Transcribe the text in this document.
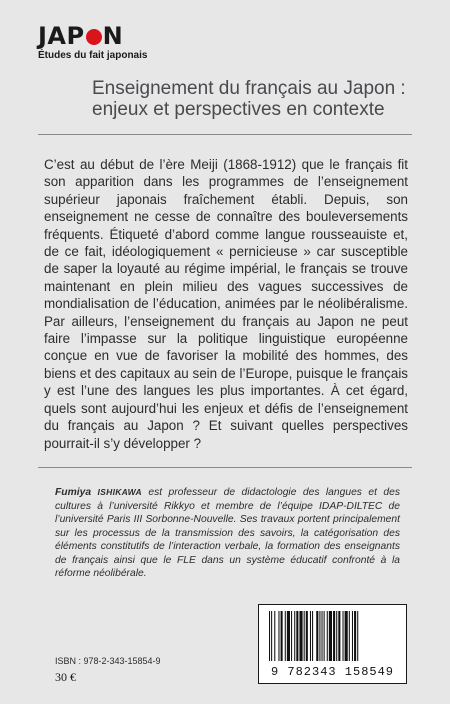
JAP N
Études du fait japonais
Enseignement du français au Japon :
enjeux et perspectives en contexte

C’est au début de l’ère Meiji (1868-1912) que le français fit son apparition dans les programmes de l’enseignement supérieur japonais fraîchement établi. Depuis, son enseignement ne cesse de connaître des bouleversements fréquents. Étiqueté d’abord comme langue rousseauiste et, de ce fait, idéologiquement « pernicieuse » car susceptible de saper la loyauté au régime impérial, le français se trouve maintenant en plein milieu des vagues successives de mondialisation de l’éducation, animées par le néolibéralisme. Par ailleurs, l’enseignement du français au Japon ne peut faire l’impasse sur la politique linguistique européenne conçue en vue de favoriser la mobilité des hommes, des biens et des capitaux au sein de l’Europe, puisque le français y est l’une des langues les plus importantes. À cet égard, quels sont aujourd’hui les enjeux et défis de l’enseignement du français au Japon ? Et suivant quelles perspectives pourrait-il s’y développer ?

Fumiya ISHIKAWA est professeur de didactologie des langues et des cultures à l’université Rikkyo et membre de l’équipe IDAP-DILTEC de l’université Paris III Sorbonne-Nouvelle. Ses travaux portent principalement sur les processus de la transmission des savoirs, la catégorisation des éléments constitutifs de l’interaction verbale, la formation des enseignants de français ainsi que le FLE dans un système éducatif confronté à la réforme néolibérale.

9 782343 158549
ISBN : 978-2-343-15854-9
30 €
